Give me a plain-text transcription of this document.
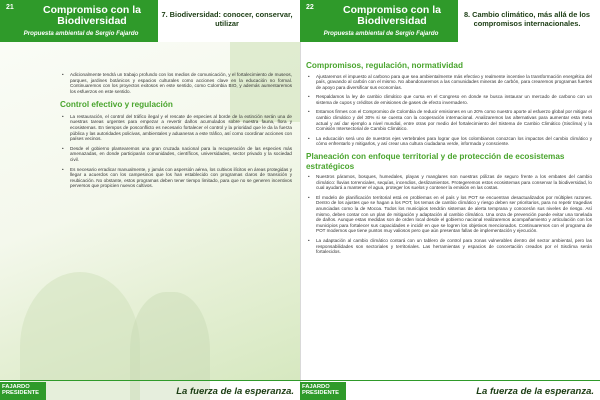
21	Compromiso con la Biodiversidad
Propuesta ambiental de Sergio Fajardo
7. Biodiversidad: conocer, conservar, utilizar
• Adicionalmente tendrá un trabajo profundo con los medios de comunicación, y el fortalecimiento de museos, parques, jardines botánicos y espacios culturales como acciones clave en la educación no formal. Continuaremos con los proyectos exitosos en este sentido, como Colombia BIO, y además aumentaremos los esfuerzos en este sentido.
Control efectivo y regulación
• La restauración, el control del tráfico ilegal y el rescate de especies al borde de la extinción serán una de nuestras tareas urgentes para empezar a revertir daños acumulados sobre nuestra fauna, flora y ecosistemas. En tiempos de posconflicto es necesario fortalecer el control y la prioridad que le da la fuerza pública y las autoridades policivas, ambientales y aduaneras a este tráfico, así como coordinar acciones con países vecinos.
• Desde el gobierno plantearemos una gran cruzada nacional para la recuperación de las especies más amenazadas, en donde participarán comunidades, científicos, universidades, sector privado y la sociedad civil.
• Es necesario erradicar manualmente, y jamás con aspersión aérea, los cultivos ilícitos en áreas protegidas y llegar a acuerdos con los campesinos que los han establecido con programas claros de transición y reubicación. No obstante, estos programas deben tener tiempo limitado, para que no se generen incentivos perversos que propicien nuevos cultivos.
FAJARDO
PRESIDENTE	La fuerza de la esperanza.
22	Compromiso con la Biodiversidad
Propuesta ambiental de Sergio Fajardo
8. Cambio climático, más allá de los compromisos internacionales.
Compromisos, regulación, normatividad
• Ajustaremos el impuesto al carbono para que sea ambientalmente más efectivo y realmente incentive la transformación energética del país, gravando al carbón con el mismo. No abandonaremos a las comunidades mineras de carbón, para crearemos programas fuertes de apoyo para diversificar sus economías.
• Respaldamos la ley de cambio climático que cursa en el Congreso en donde se busca instaurar un mercado de carbono con un sistema de cupos y créditos de emisiones de gases de efecto invernadero.
• Estamos firmes con el Compromiso de Colombia de reducir emisiones en un 20% como nuestro aporte al esfuerzo global por mitigar el cambio climático y del 30% si se cuenta con la cooperación internacional. Analizaremos las alternativas para aumentar esta meta actual y así dar ejemplo a nivel mundial, entre otras por medio del fortalecimiento del Sistema de Cambio Climático (Sisclima) y la Comisión Intersectorial de Cambio Climático.
• La educación será uno de nuestros ejes vertebrales para lograr que los colombianos conozcan los impactos del cambio climático y cómo enfrentarlo y mitigarlos, y así crear una cultura ciudadana verde, informada y consciente.
Planeación con enfoque territorial y de protección de ecosistemas estratégicos
• Nuestros páramos, bosques, humedales, playas y manglares son nuestras pólizas de seguro frente a los embates del cambio climático: lluvias torrenciales, sequías, incendios, deslizamientos. Protegeremos estos ecosistemas para conservar la biodiversidad, lo cual ayudará a mantener el agua, proteger los suelos y contener la emisión en las costas.
• El modelo de planificación territorial está en problemas en el país y los POT se encuentran desactualizados por múltiples razones. Dentro de los ajustes que se hagan a los POT, los temas de cambio climático y riesgo deben ser prioritarios, para no repetir tragedias anunciadas como la de Mocoa. Todos los municipios tendrán sistemas de alerta temprana y conocerán sus niveles de riesgo. Así mismo, deben contar con un plan de mitigación y adaptación al cambio climático. Una onza de prevención puede evitar una tonelada de daños. Aunque estas medidas son de orden local desde el gobierno nacional realizaremos acompañamiento y articulación con los municipios para fortalecer sus capacidades e incidir en que se logren los objetivos mencionados. Continuaremos con el programa de POT modernos que tiene puntos muy valiosos pero que aún presentan fallas de implementación y ejecución.
• La adaptación al cambio climático contará con un tablero de control para zonas vulnerables dentro del sector ambiental, pero las responsabilidades son sectoriales y territoriales. Las herramientas y espacios de concertación creados por el Sisclima serán fortalecidos.
FAJARDO
PRESIDENTE	La fuerza de la esperanza.
